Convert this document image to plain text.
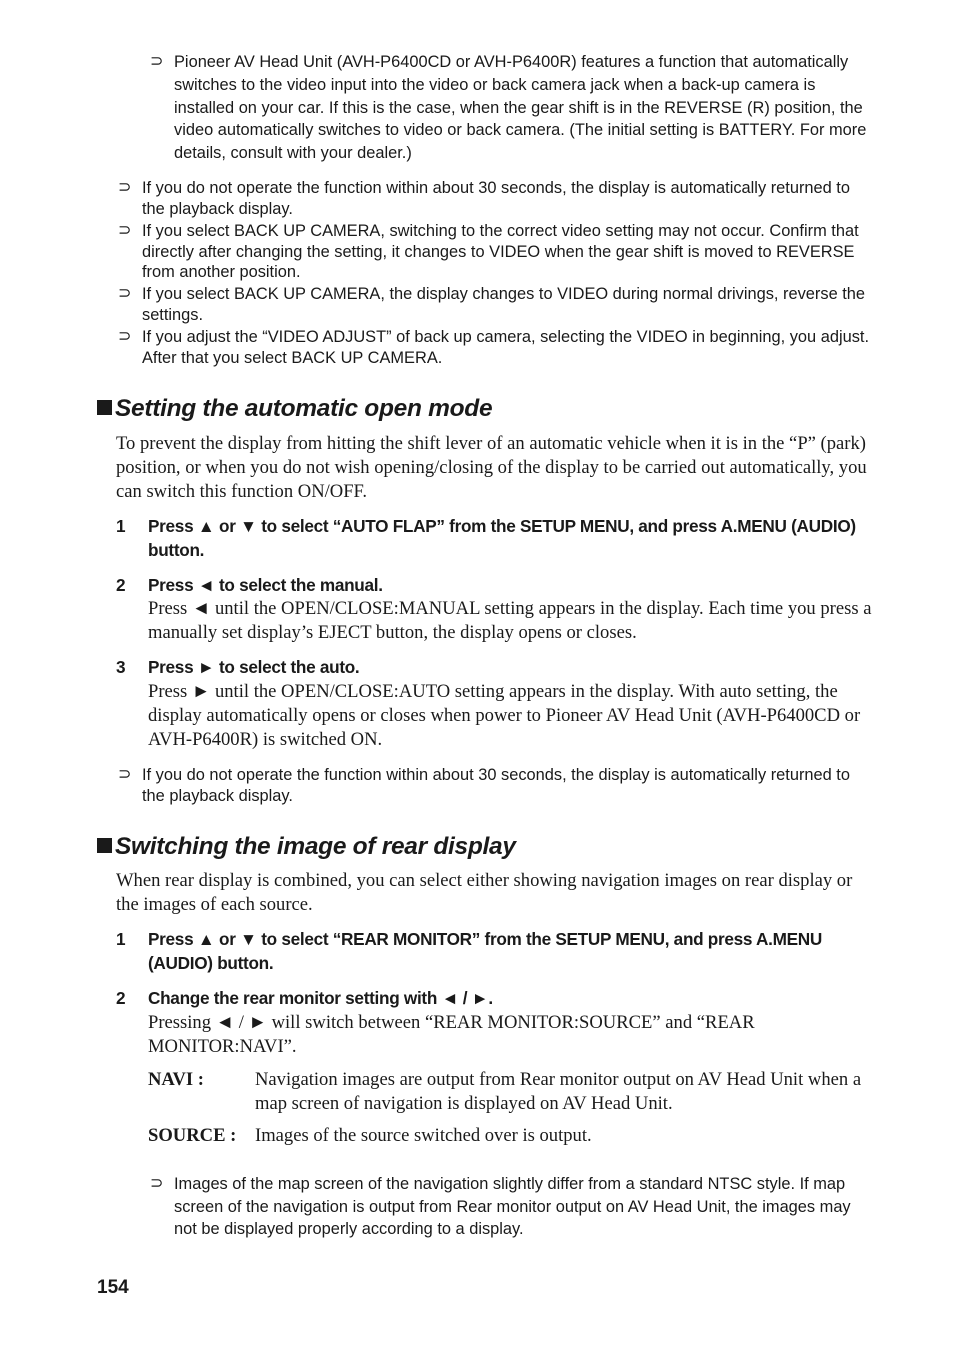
⊃ Pioneer AV Head Unit (AVH-P6400CD or AVH-P6400R) features a function that automatically switches to the video input into the video or back camera jack when a back-up camera is installed on your car. If this is the case, when the gear shift is in the REVERSE (R) position, the video automatically switches to video or back camera. (The initial setting is BATTERY. For more details, consult with your dealer.)
⊃ If you do not operate the function within about 30 seconds, the display is automatically returned to the playback display.
⊃ If you select BACK UP CAMERA, switching to the correct video setting may not occur. Confirm that directly after changing the setting, it changes to VIDEO when the gear shift is moved to REVERSE from another position.
⊃ If you select BACK UP CAMERA, the display changes to VIDEO during normal drivings, reverse the settings.
⊃ If you adjust the “VIDEO ADJUST” of back up camera, selecting the VIDEO in beginning, you adjust. After that you select BACK UP CAMERA.
Setting the automatic open mode
To prevent the display from hitting the shift lever of an automatic vehicle when it is in the “P” (park) position, or when you do not wish opening/closing of the display to be carried out automatically, you can switch this function ON/OFF.
1 Press ▲ or ▼ to select “AUTO FLAP” from the SETUP MENU, and press A.MENU (AUDIO) button.
2 Press ◄ to select the manual.
Press ◄ until the OPEN/CLOSE:MANUAL setting appears in the display. Each time you press a manually set display’s EJECT button, the display opens or closes.
3 Press ► to select the auto.
Press ► until the OPEN/CLOSE:AUTO setting appears in the display. With auto setting, the display automatically opens or closes when power to Pioneer AV Head Unit (AVH-P6400CD or AVH-P6400R) is switched ON.
⊃ If you do not operate the function within about 30 seconds, the display is automatically returned to the playback display.
Switching the image of rear display
When rear display is combined, you can select either showing navigation images on rear display or the images of each source.
1 Press ▲ or ▼ to select “REAR MONITOR” from the SETUP MENU, and press A.MENU (AUDIO) button.
2 Change the rear monitor setting with ◄ / ►.
Pressing ◄ / ► will switch between “REAR MONITOR:SOURCE” and “REAR MONITOR:NAVI”.
NAVI :	Navigation images are output from Rear monitor output on AV Head Unit when a map screen of navigation is displayed on AV Head Unit.
SOURCE : Images of the source switched over is output.
⊃ Images of the map screen of the navigation slightly differ from a standard NTSC style. If map screen of the navigation is output from Rear monitor output on AV Head Unit, the images may not be displayed properly according to a display.
154
